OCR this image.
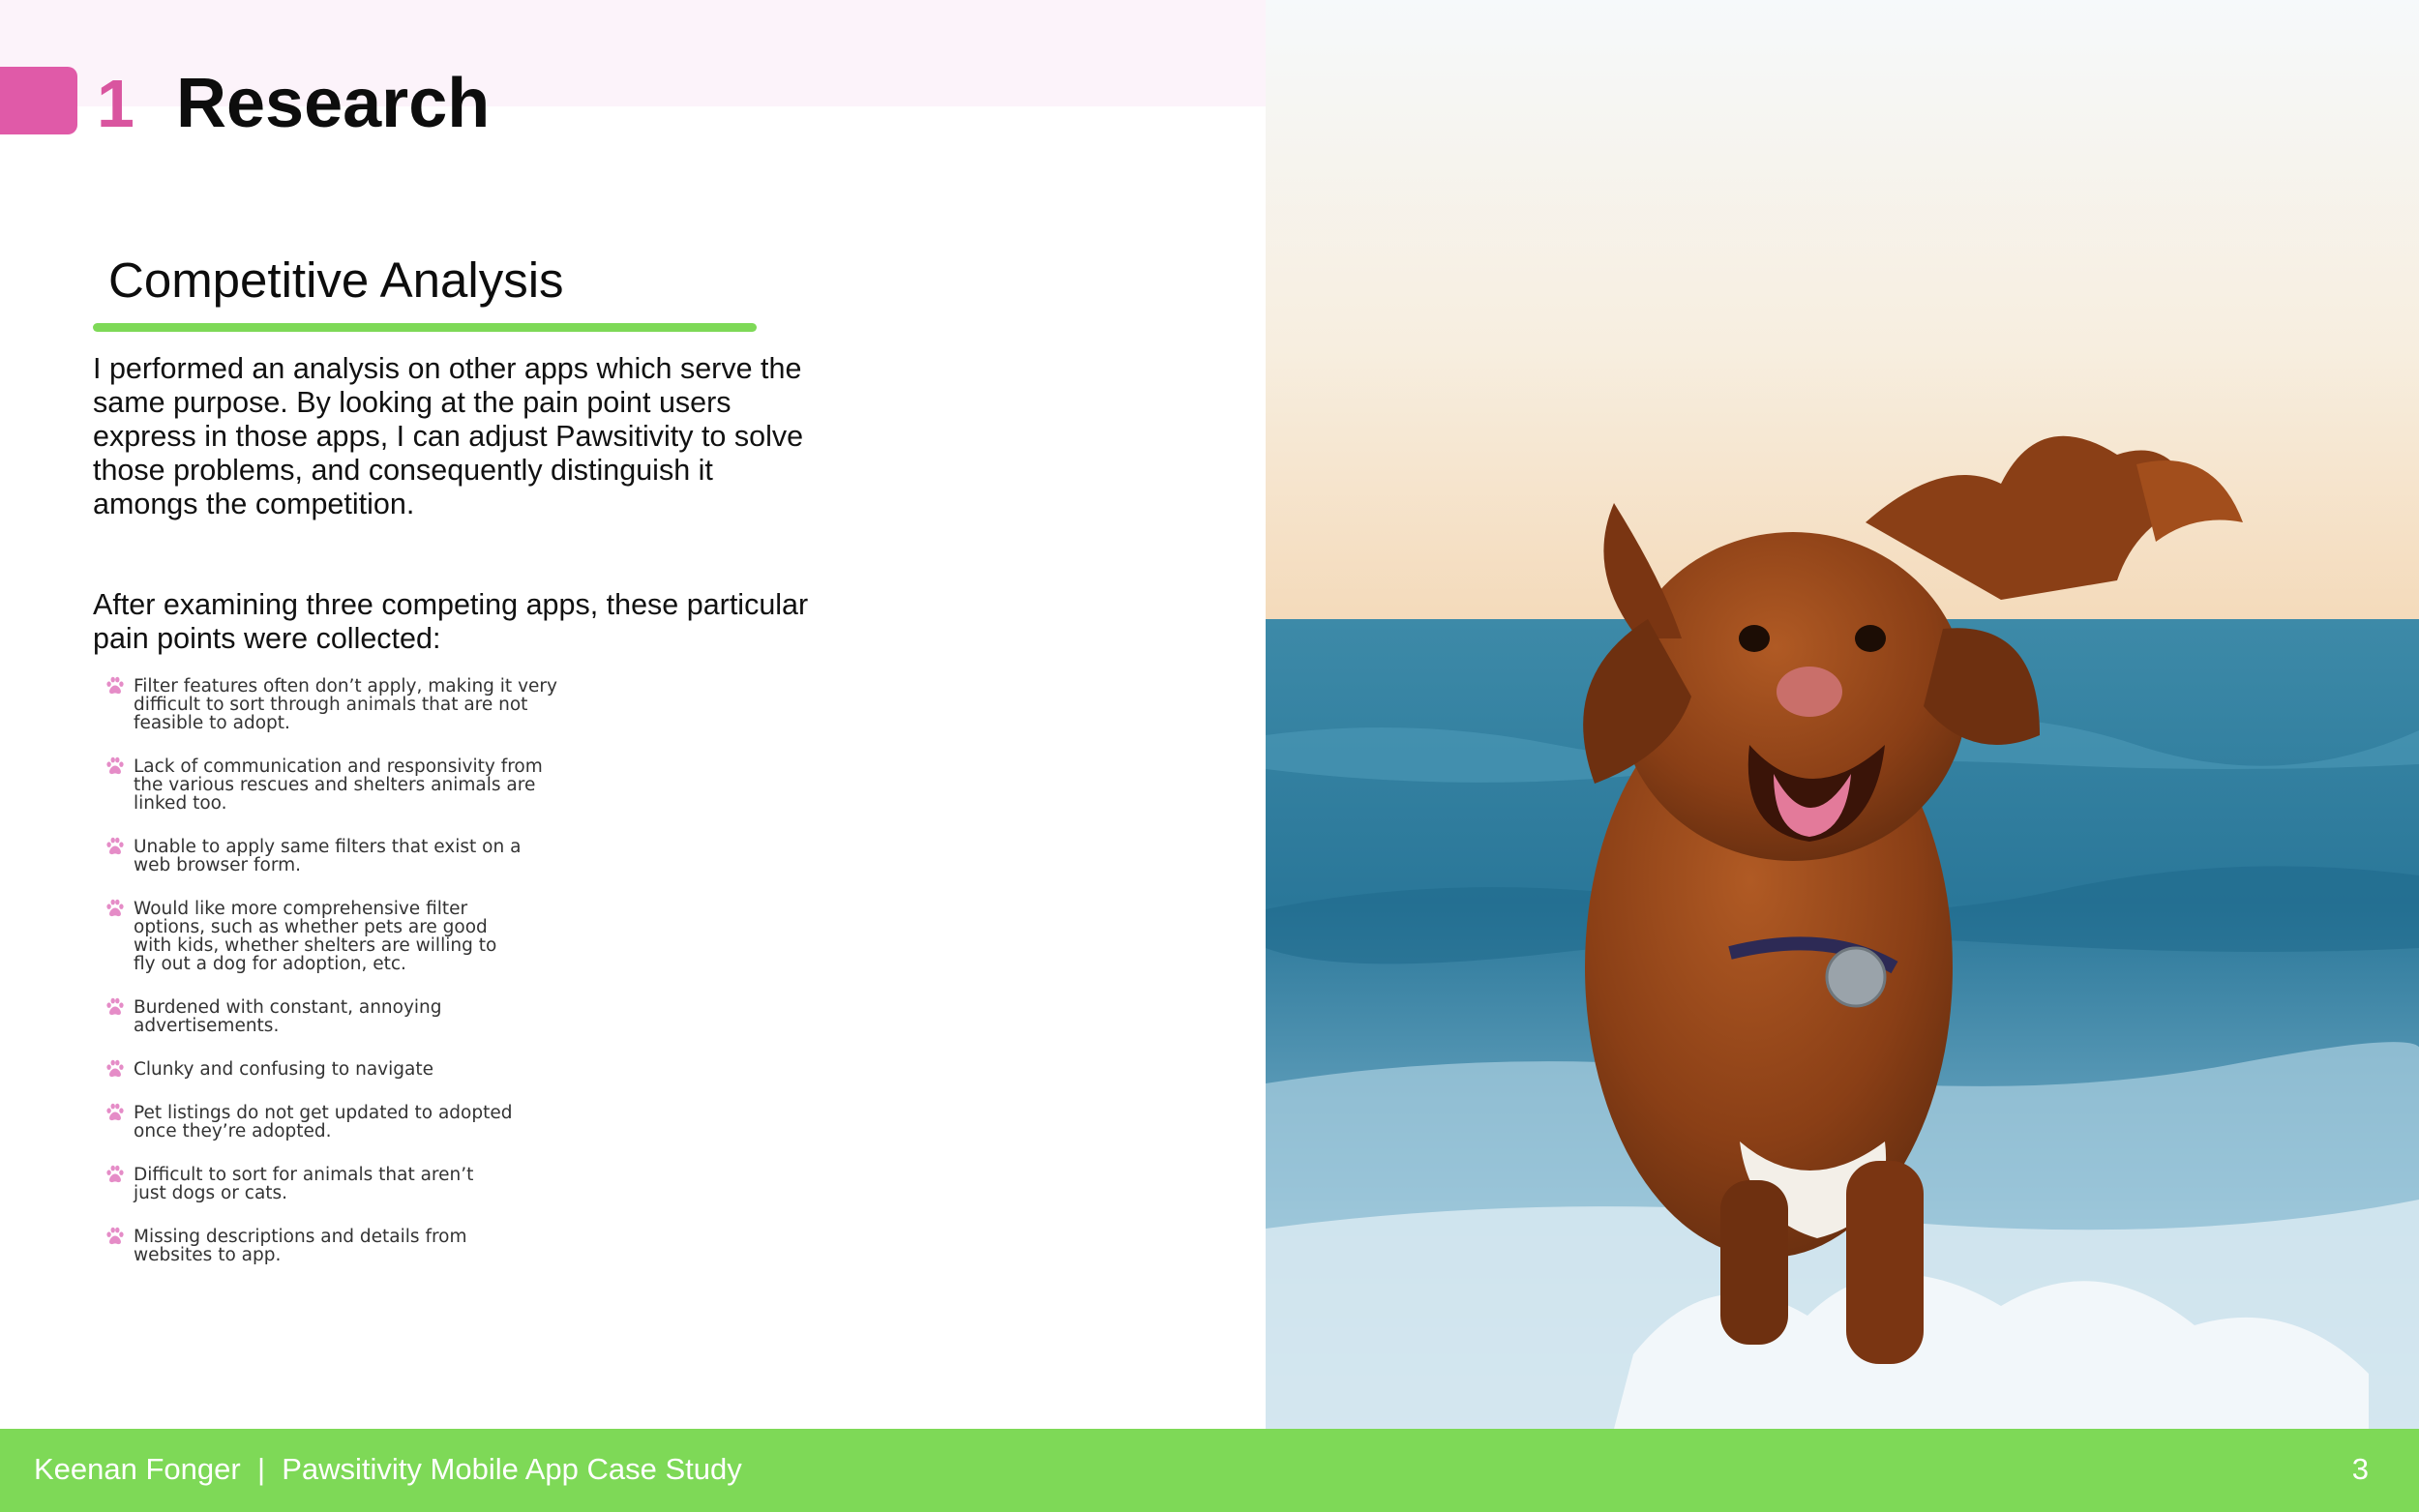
1 Research
Competitive Analysis

I performed an analysis on other apps which serve the same purpose. By looking at the pain point users express in those apps, I can adjust Pawsitivity to solve those problems, and consequently distinguish it amongs the competition.

After examining three competing apps, these particular pain points were collected:

Filter features often don’t apply, making it very difficult to sort through animals that are not feasible to adopt.
Lack of communication and responsivity from the various rescues and shelters animals are linked too.
Unable to apply same filters that exist on a web browser form.
Would like more comprehensive filter options, such as whether pets are good with kids, whether shelters are willing to fly out a dog for adoption, etc.
Burdened with constant, annoying advertisements.
Clunky and confusing to navigate
Pet listings do not get updated to adopted once they’re adopted.
Difficult to sort for animals that aren’t just dogs or cats.
Missing descriptions and details from websites to app.
Keenan Fonger  |  Pawsitivity Mobile App Case Study	3
